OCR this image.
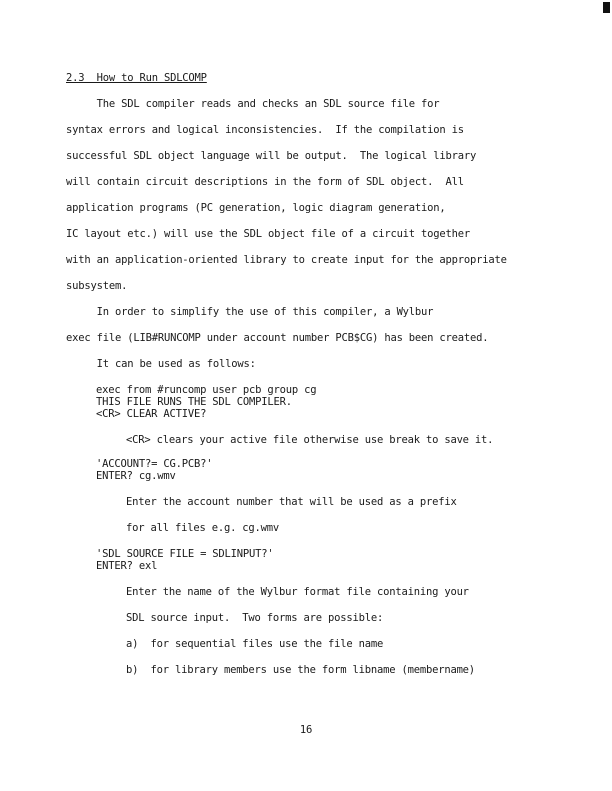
2.3  How to Run SDLCOMP
The SDL compiler reads and checks an SDL source file for
syntax errors and logical inconsistencies.  If the compilation is
successful SDL object language will be output.  The logical library
will contain circuit descriptions in the form of SDL object.  All
application programs (PC generation, logic diagram generation,
IC layout etc.) will use the SDL object file of a circuit together
with an application-oriented library to create input for the appropriate
subsystem.
In order to simplify the use of this compiler, a Wylbur
exec file (LIB#RUNCOMP under account number PCB$CG) has been created.
It can be used as follows:
exec from #runcomp user pcb group cg
THIS FILE RUNS THE SDL COMPILER.
<CR> CLEAR ACTIVE?
<CR> clears your active file otherwise use break to save it.
'ACCOUNT?= CG.PCB?'
ENTER? cg.wmv
Enter the account number that will be used as a prefix
for all files e.g. cg.wmv
'SDL SOURCE FILE = SDLINPUT?'
ENTER? exl
Enter the name of the Wylbur format file containing your
SDL source input.  Two forms are possible:
a)  for sequential files use the file name
b)  for library members use the form libname (membername)
16
